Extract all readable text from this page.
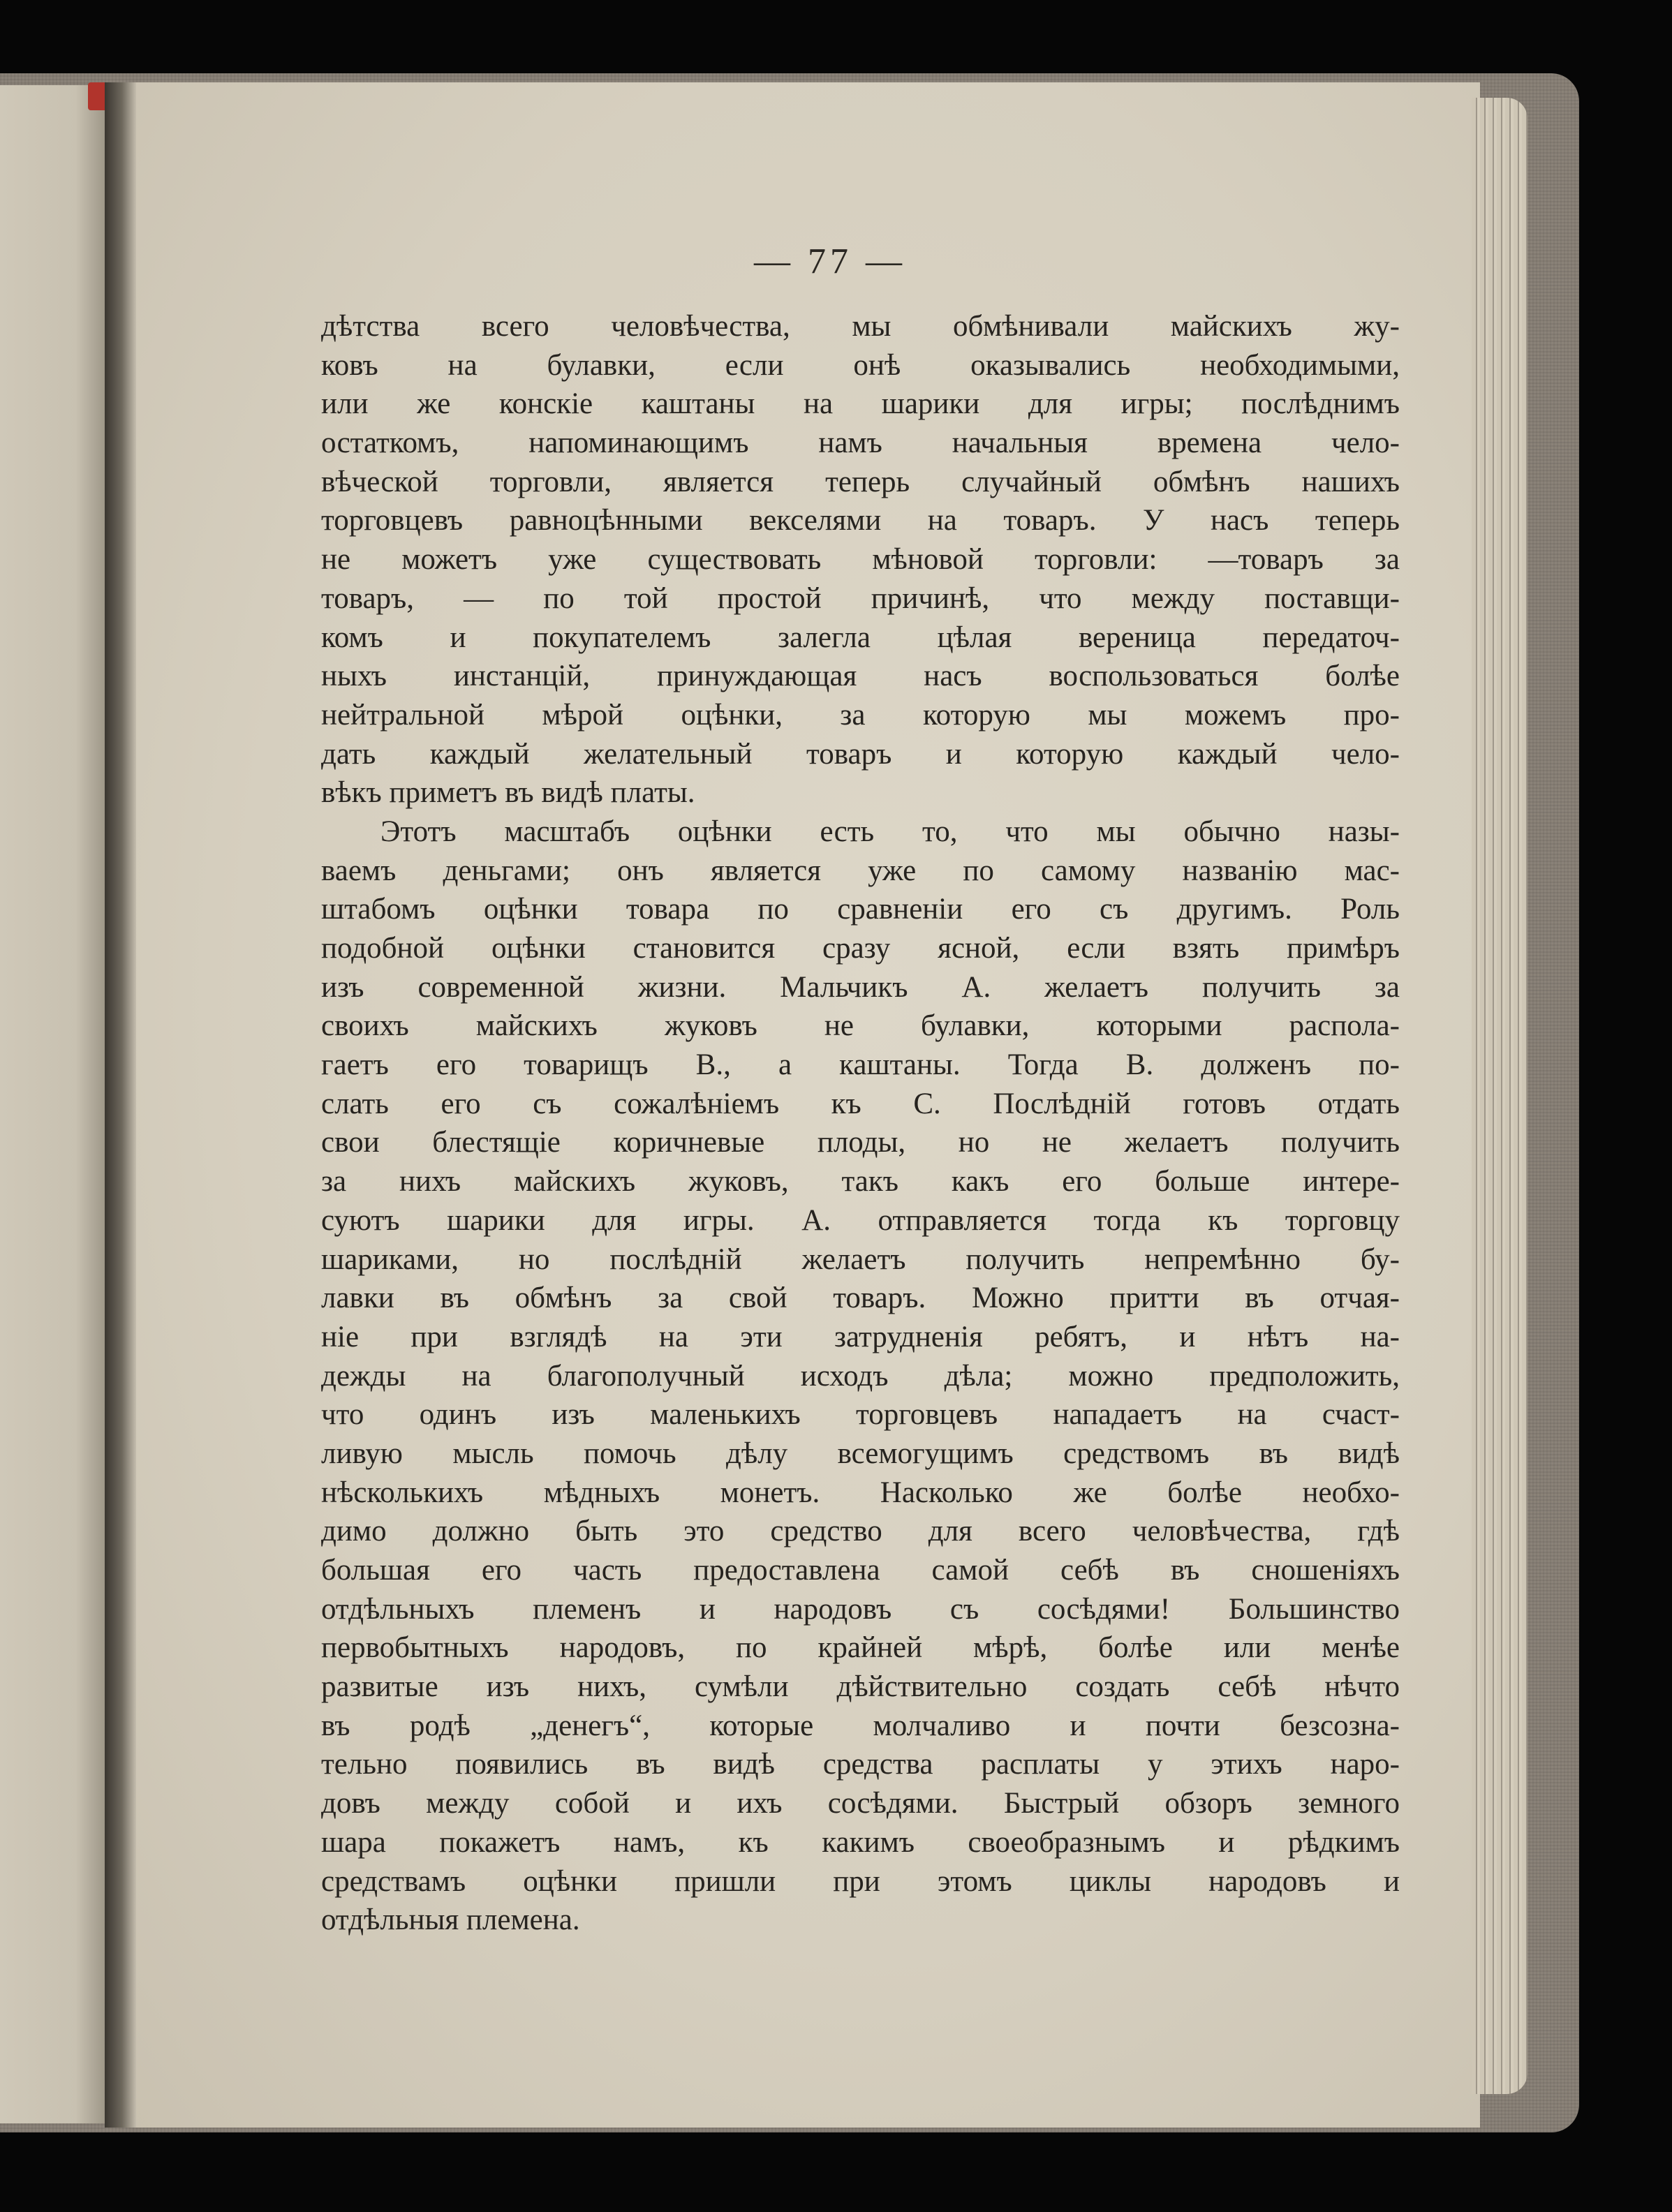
— 77 —
дѣтства всего человѣчества, мы обмѣнивали майскихъ жу-
ковъ на булавки, если онѣ оказывались необходимыми,
или же конскіе каштаны на шарики для игры; послѣднимъ
остаткомъ, напоминающимъ намъ начальныя времена чело-
вѣческой торговли, является теперь случайный обмѣнъ нашихъ
торговцевъ равноцѣнными векселями на товаръ. У насъ теперь
не можетъ уже существовать мѣновой торговли: —товаръ за
товаръ, — по той простой причинѣ, что между поставщи-
комъ и покупателемъ залегла цѣлая вереница передаточ-
ныхъ инстанцій, принуждающая насъ воспользоваться болѣе
нейтральной мѣрой оцѣнки, за которую мы можемъ про-
дать каждый желательный товаръ и которую каждый чело-
вѣкъ приметъ въ видѣ платы.
Этотъ масштабъ оцѣнки есть то, что мы обычно назы-
ваемъ деньгами; онъ является уже по самому названію мас-
штабомъ оцѣнки товара по сравненіи его съ другимъ. Роль
подобной оцѣнки становится сразу ясной, если взять примѣръ
изъ современной жизни. Мальчикъ А. желаетъ получить за
своихъ майскихъ жуковъ не булавки, которыми распола-
гаетъ его товарищъ В., а каштаны. Тогда В. долженъ по-
слать его съ сожалѣніемъ къ С. Послѣдній готовъ отдать
свои блестящіе коричневые плоды, но не желаетъ получить
за нихъ майскихъ жуковъ, такъ какъ его больше интере-
суютъ шарики для игры. А. отправляется тогда къ торговцу
шариками, но послѣдній желаетъ получить непремѣнно бу-
лавки въ обмѣнъ за свой товаръ. Можно притти въ отчая-
ніе при взглядѣ на эти затрудненія ребятъ, и нѣтъ на-
дежды на благополучный исходъ дѣла; можно предположить,
что одинъ изъ маленькихъ торговцевъ нападаетъ на счаст-
ливую мысль помочь дѣлу всемогущимъ средствомъ въ видѣ
нѣсколькихъ мѣдныхъ монетъ. Насколько же болѣе необхо-
димо должно быть это средство для всего человѣчества, гдѣ
большая его часть предоставлена самой себѣ въ сношеніяхъ
отдѣльныхъ племенъ и народовъ съ сосѣдями! Большинство
первобытныхъ народовъ, по крайней мѣрѣ, болѣе или менѣе
развитые изъ нихъ, сумѣли дѣйствительно создать себѣ нѣчто
въ родѣ „денегъ“, которые молчаливо и почти безсозна-
тельно появились въ видѣ средства расплаты у этихъ наро-
довъ между собой и ихъ сосѣдями. Быстрый обзоръ земного
шара покажетъ намъ, къ какимъ своеобразнымъ и рѣдкимъ
средствамъ оцѣнки пришли при этомъ циклы народовъ и
отдѣльныя племена.
